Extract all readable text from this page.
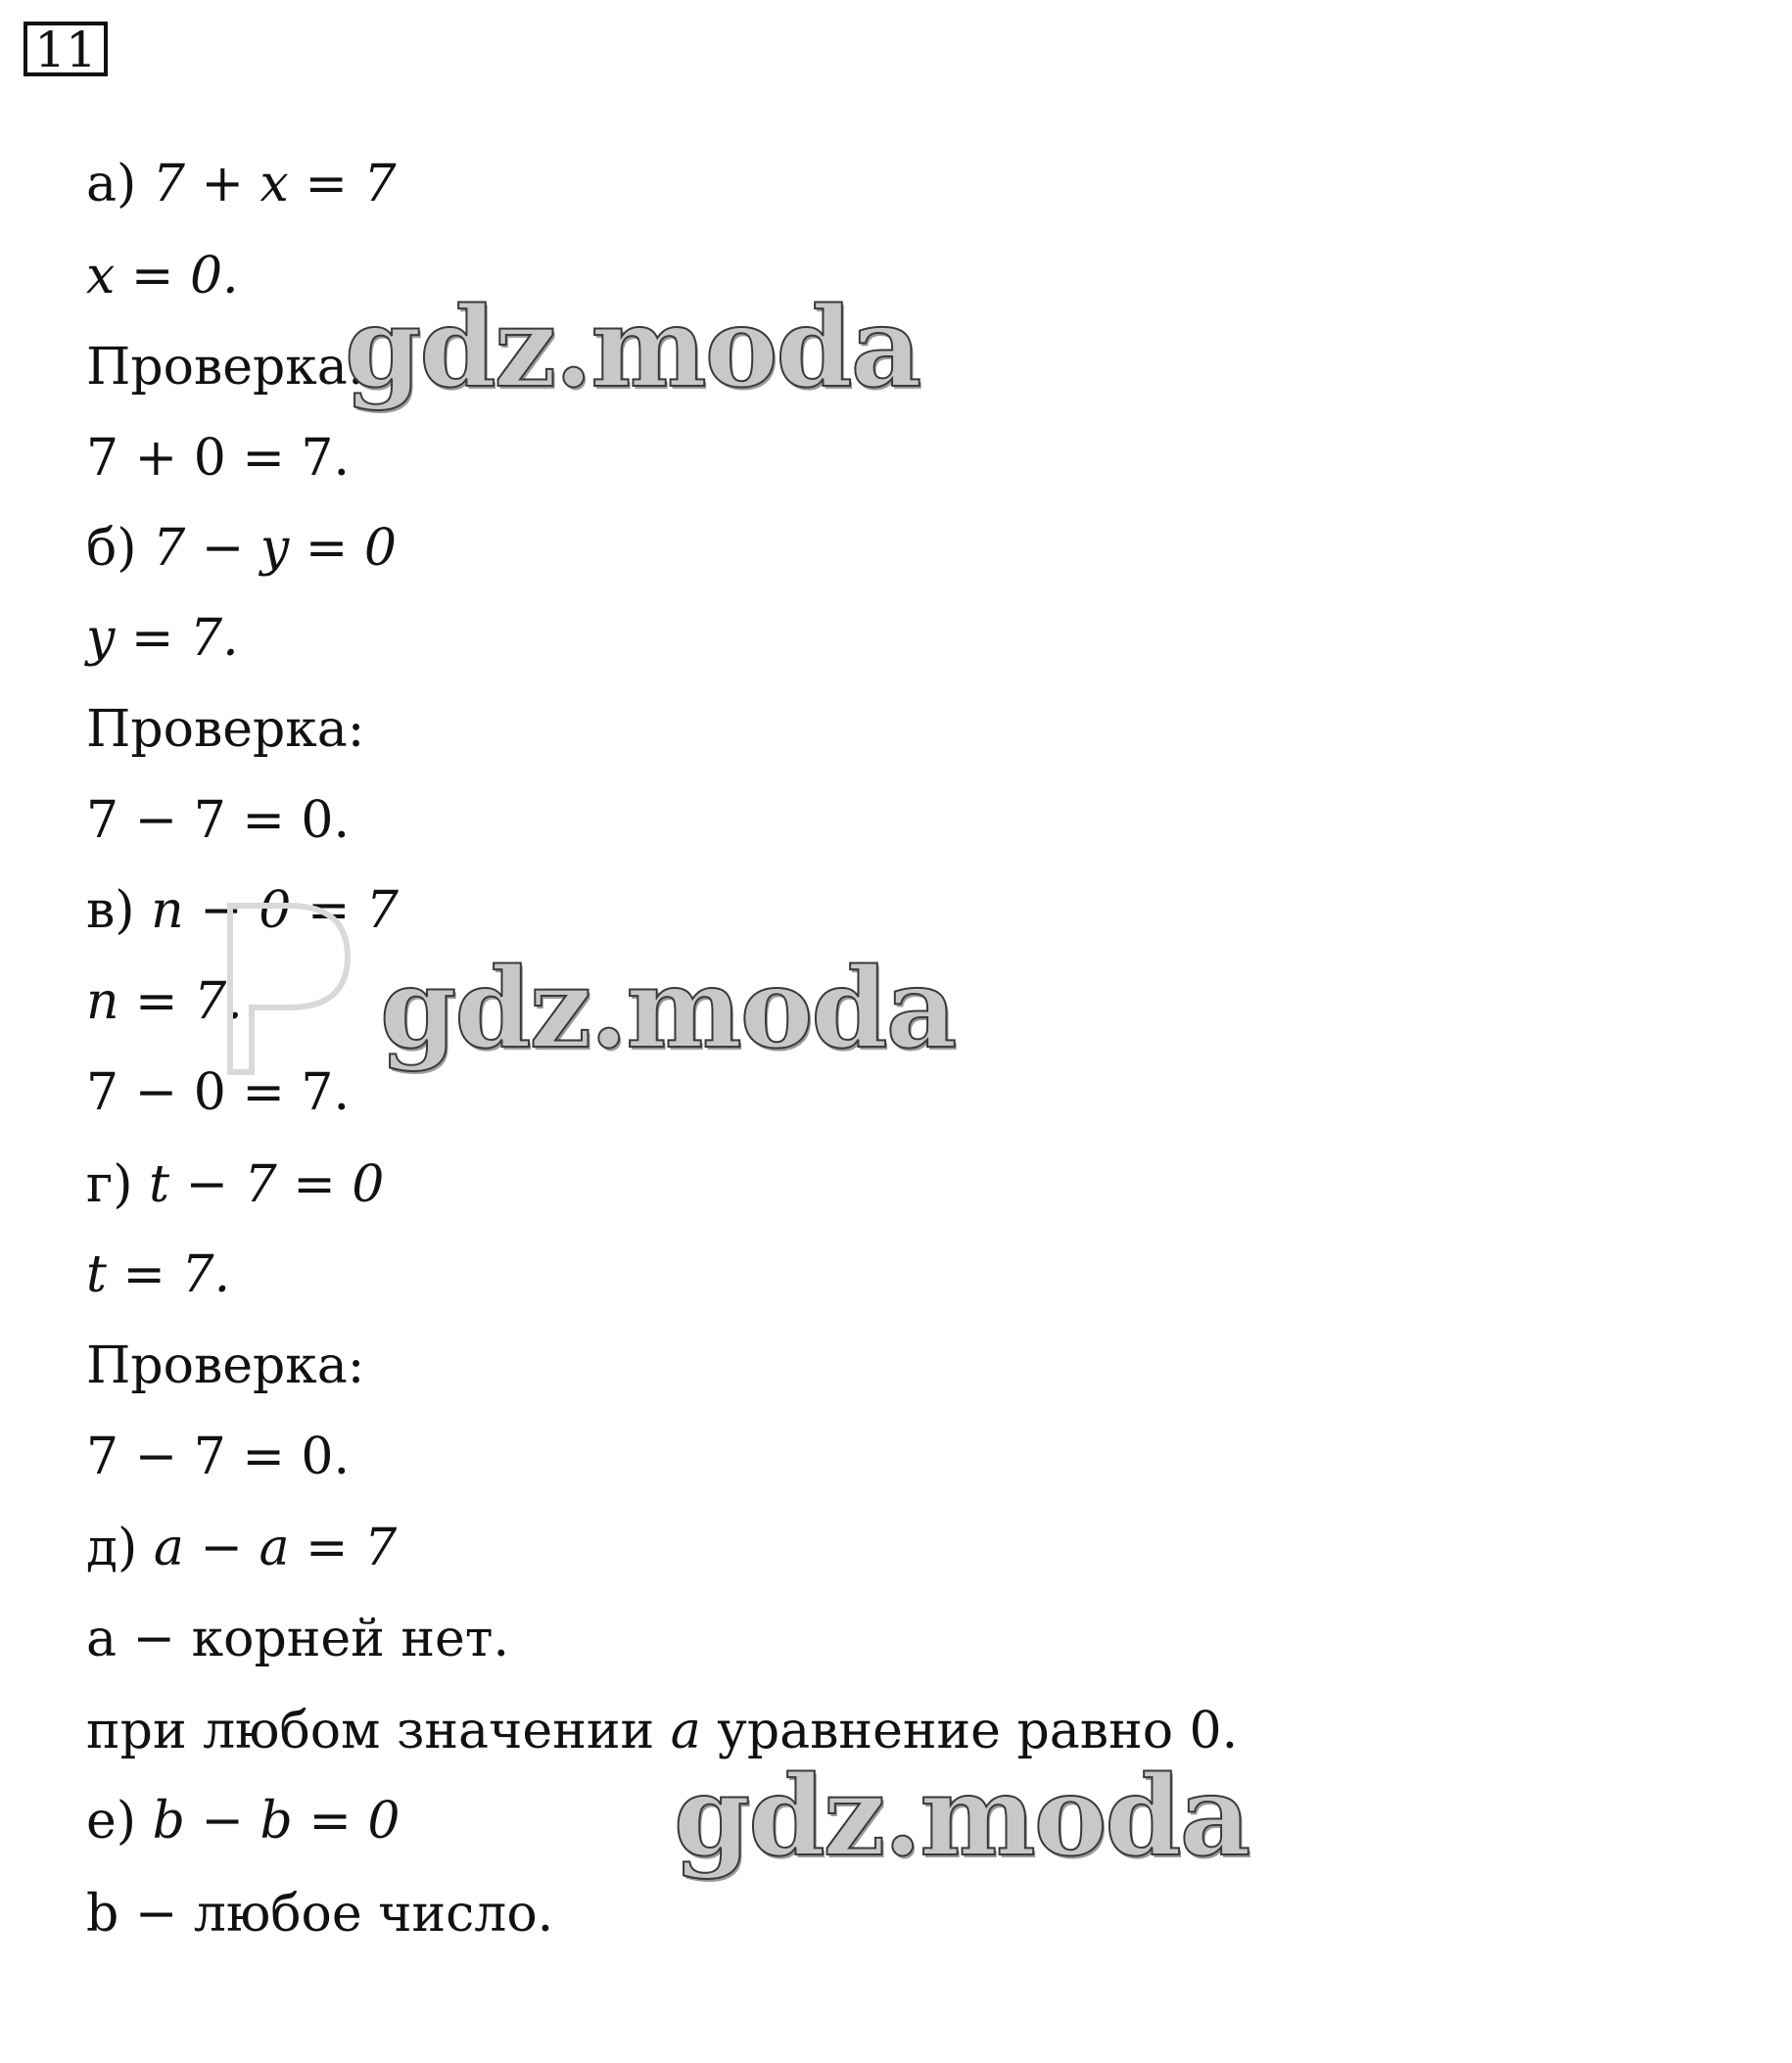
11
а) 7 + x = 7
x = 0.
Проверка:
7 + 0 = 7.
б) 7 − y = 0
y = 7.
Проверка:
7 − 7 = 0.
в) n − 0 = 7
n = 7.
7 − 0 = 7.
г) t − 7 = 0
t = 7.
Проверка:
7 − 7 = 0.
д) a − a = 7
a − корней нет.
при любом значении a уравнение равно 0.
е) b − b = 0
b − любое число.
gdz.moda
gdz.moda
gdz.moda
